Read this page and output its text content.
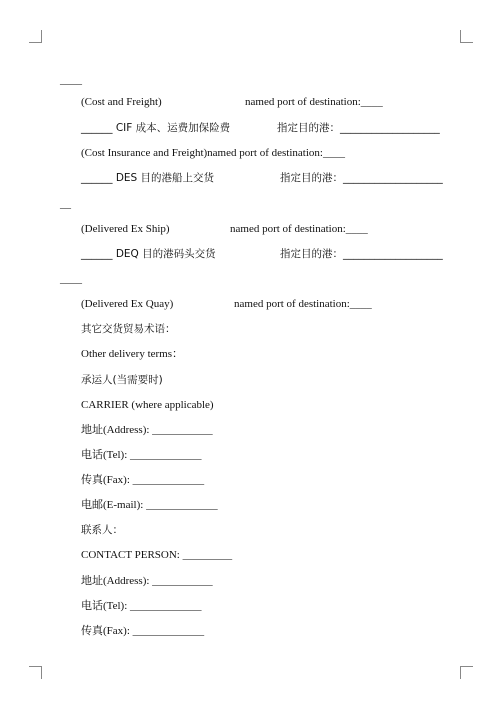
____

(Cost and Freight)

	named port of destination:____

______ CIF 成本、运费加保险费

	指定目的港：___________________

(Cost Insurance and Freight)named port of destination:____

______ DES 目的港船上交货

	指定目的港：___________________

__

(Delivered Ex Ship)

	named port of destination:____

______ DEQ 目的港码头交货

	指定目的港：___________________

____

(Delivered Ex Quay)

	named port of destination:____

其它交货贸易术语：
Other delivery terms：
承运人(当需要时)
CARRIER (where applicable)
地址(Address): ___________
电话(Tel): _____________
传真(Fax): _____________
电邮(E-mail): _____________
联系人：
CONTACT PERSON: _________
地址(Address): ___________
电话(Tel): _____________
传真(Fax): _____________
